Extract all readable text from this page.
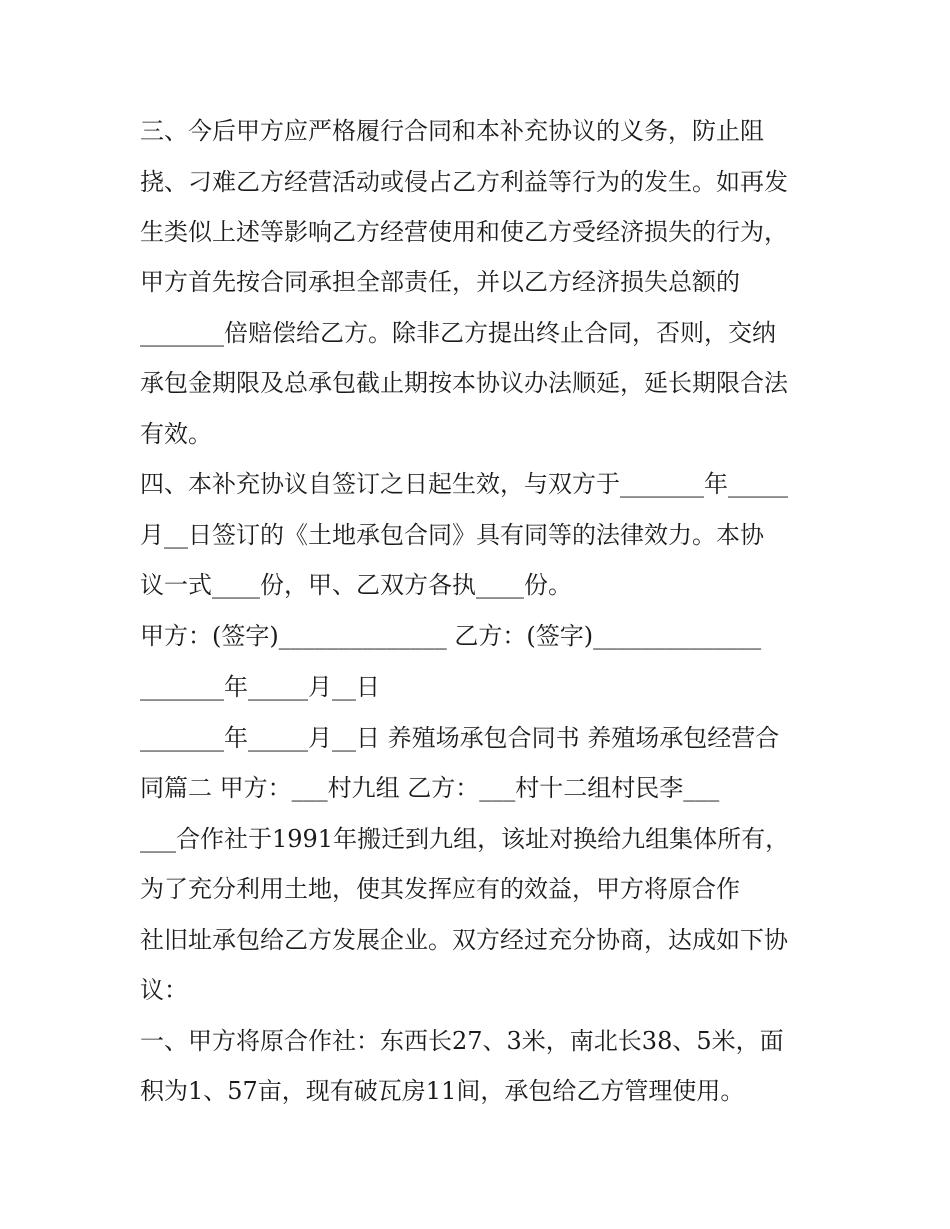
三、今后甲方应严格履行合同和本补充协议的义务，防止阻
挠、刁难乙方经营活动或侵占乙方利益等行为的发生。如再发
生类似上述等影响乙方经营使用和使乙方受经济损失的行为，
甲方首先按合同承担全部责任，并以乙方经济损失总额的
_______倍赔偿给乙方。除非乙方提出终止合同，否则，交纳
承包金期限及总承包截止期按本协议办法顺延，延长期限合法
有效。
四、本补充协议自签订之日起生效，与双方于_______年_____
月__日签订的《土地承包合同》具有同等的法律效力。本协
议一式____份，甲、乙双方各执____份。
甲方：(签字)______________ 乙方：(签字)______________
_______年_____月__日
_______年_____月__日 养殖场承包合同书 养殖场承包经营合
同篇二 甲方：___村九组 乙方：___村十二组村民李___
___合作社于1991年搬迁到九组，该址对换给九组集体所有，
为了充分利用土地，使其发挥应有的效益，甲方将原合作
社旧址承包给乙方发展企业。双方经过充分协商，达成如下协
议：
一、甲方将原合作社：东西长27、3米，南北长38、5米，面
积为1、57亩，现有破瓦房11间，承包给乙方管理使用。
